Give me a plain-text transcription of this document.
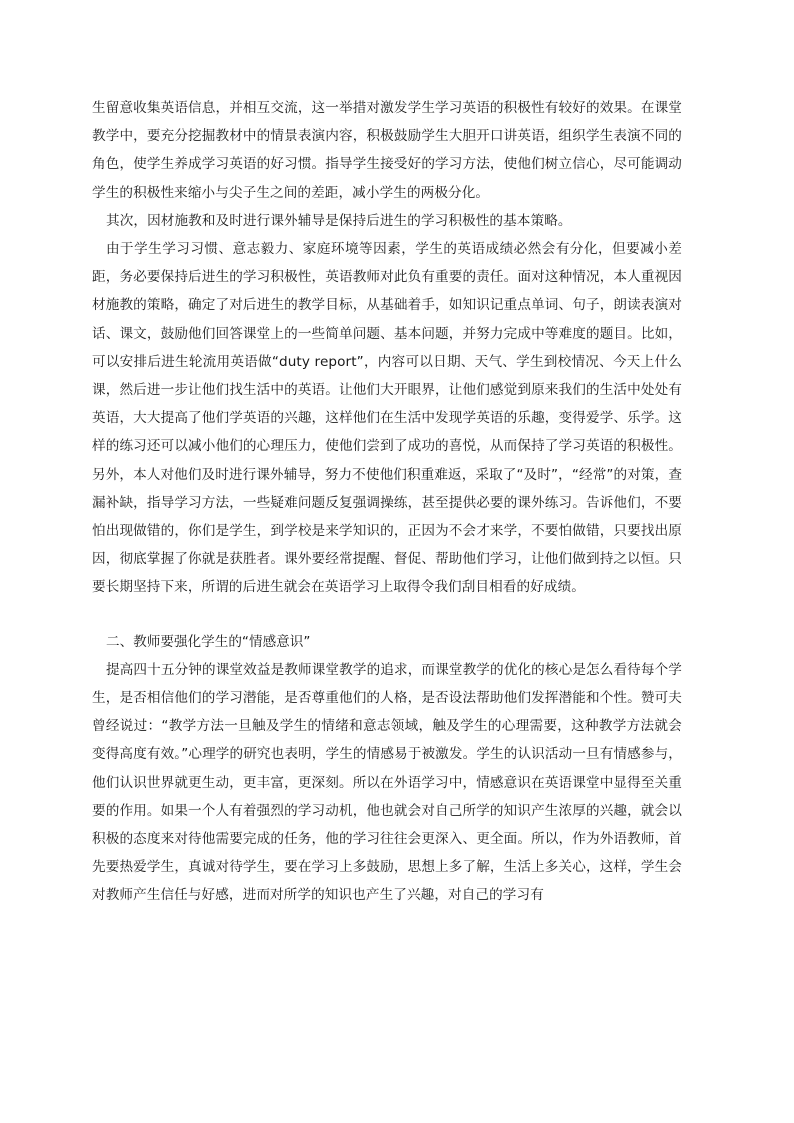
生留意收集英语信息，并相互交流，这一举措对激发学生学习英语的积极性有较好的效果。在课堂教学中，要充分挖掘教材中的情景表演内容，积极鼓励学生大胆开口讲英语，组织学生表演不同的角色，使学生养成学习英语的好习惯。指导学生接受好的学习方法，使他们树立信心，尽可能调动学生的积极性来缩小与尖子生之间的差距，减小学生的两极分化。

其次，因材施教和及时进行课外辅导是保持后进生的学习积极性的基本策略。

由于学生学习习惯、意志毅力、家庭环境等因素，学生的英语成绩必然会有分化，但要减小差距，务必要保持后进生的学习积极性，英语教师对此负有重要的责任。面对这种情况，本人重视因材施教的策略，确定了对后进生的教学目标，从基础着手，如知识记重点单词、句子，朗读表演对话、课文，鼓励他们回答课堂上的一些简单问题、基本问题，并努力完成中等难度的题目。比如，可以安排后进生轮流用英语做“duty report”，内容可以日期、天气、学生到校情况、今天上什么课，然后进一步让他们找生活中的英语。让他们大开眼界，让他们感觉到原来我们的生活中处处有英语，大大提高了他们学英语的兴趣，这样他们在生活中发现学英语的乐趣，变得爱学、乐学。这样的练习还可以减小他们的心理压力，使他们尝到了成功的喜悦，从而保持了学习英语的积极性。另外，本人对他们及时进行课外辅导，努力不使他们积重难返，采取了“及时”，“经常”的对策，查漏补缺，指导学习方法，一些疑难问题反复强调操练，甚至提供必要的课外练习。告诉他们，不要怕出现做错的，你们是学生，到学校是来学知识的，正因为不会才来学，不要怕做错，只要找出原因，彻底掌握了你就是获胜者。课外要经常提醒、督促、帮助他们学习，让他们做到持之以恒。只要长期坚持下来，所谓的后进生就会在英语学习上取得令我们刮目相看的好成绩。

二、教师要强化学生的“情感意识”

提高四十五分钟的课堂效益是教师课堂教学的追求，而课堂教学的优化的核心是怎么看待每个学生，是否相信他们的学习潜能，是否尊重他们的人格，是否设法帮助他们发挥潜能和个性。赞可夫曾经说过：“教学方法一旦触及学生的情绪和意志领域，触及学生的心理需要，这种教学方法就会变得高度有效。”心理学的研究也表明，学生的情感易于被激发。学生的认识活动一旦有情感参与，他们认识世界就更生动，更丰富，更深刻。所以在外语学习中，情感意识在英语课堂中显得至关重要的作用。如果一个人有着强烈的学习动机，他也就会对自己所学的知识产生浓厚的兴趣，就会以积极的态度来对待他需要完成的任务，他的学习往往会更深入、更全面。所以，作为外语教师，首先要热爱学生，真诚对待学生，要在学习上多鼓励，思想上多了解，生活上多关心，这样，学生会对教师产生信任与好感，进而对所学的知识也产生了兴趣，对自己的学习有
